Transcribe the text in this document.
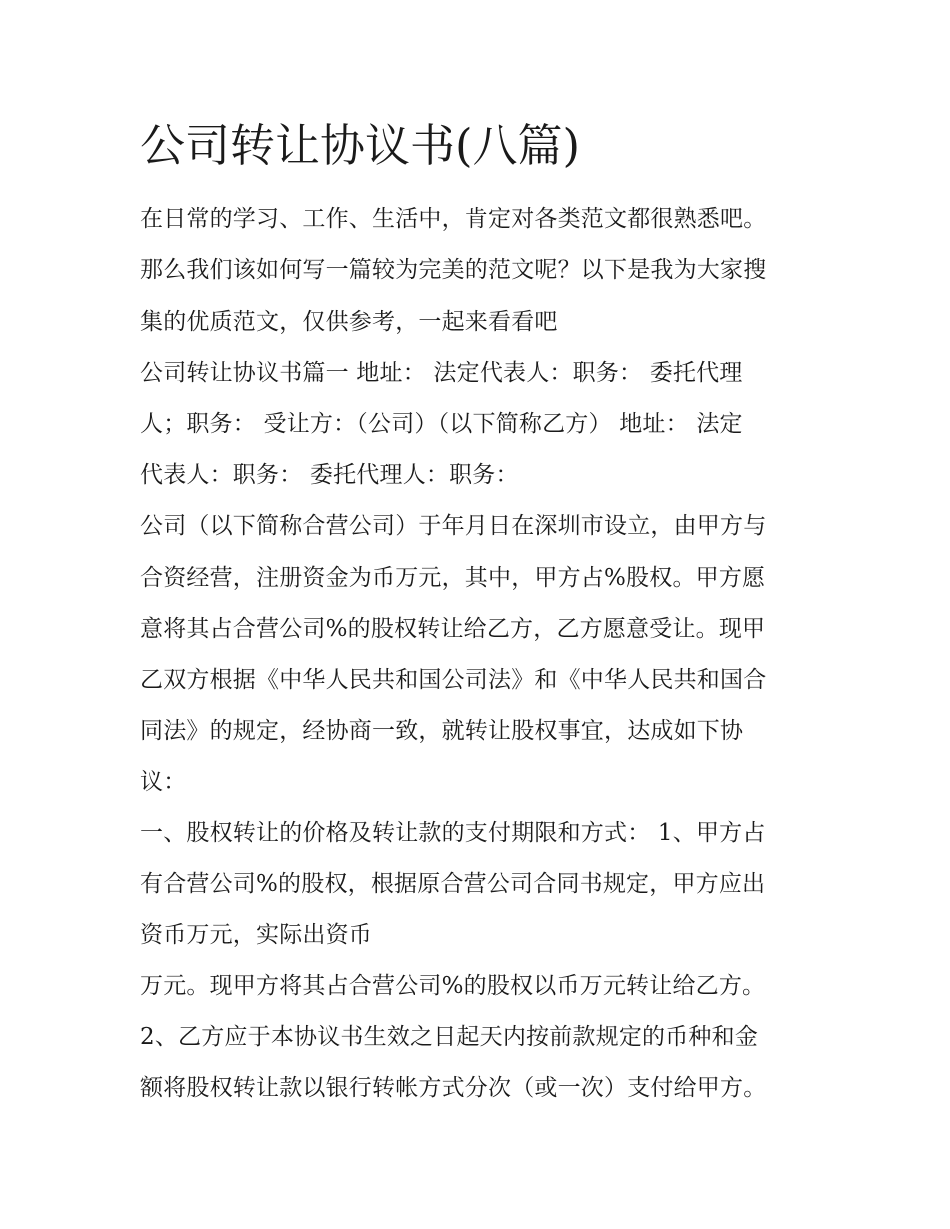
公司转让协议书(八篇)
在日常的学习、工作、生活中，肯定对各类范文都很熟悉吧。
那么我们该如何写一篇较为完美的范文呢？以下是我为大家搜
集的优质范文，仅供参考，一起来看看吧
公司转让协议书篇一 地址： 法定代表人：职务： 委托代理
人；职务： 受让方：（公司）（以下简称乙方） 地址： 法定
代表人：职务： 委托代理人：职务：
公司（以下简称合营公司）于年月日在深圳市设立，由甲方与
合资经营，注册资金为币万元，其中，甲方占%股权。甲方愿
意将其占合营公司%的股权转让给乙方，乙方愿意受让。现甲
乙双方根据《中华人民共和国公司法》和《中华人民共和国合
同法》的规定，经协商一致，就转让股权事宜，达成如下协
议：
一、股权转让的价格及转让款的支付期限和方式： 1、甲方占
有合营公司%的股权，根据原合营公司合同书规定，甲方应出
资币万元，实际出资币
万元。现甲方将其占合营公司%的股权以币万元转让给乙方。
2、乙方应于本协议书生效之日起天内按前款规定的币种和金
额将股权转让款以银行转帐方式分次（或一次）支付给甲方。
